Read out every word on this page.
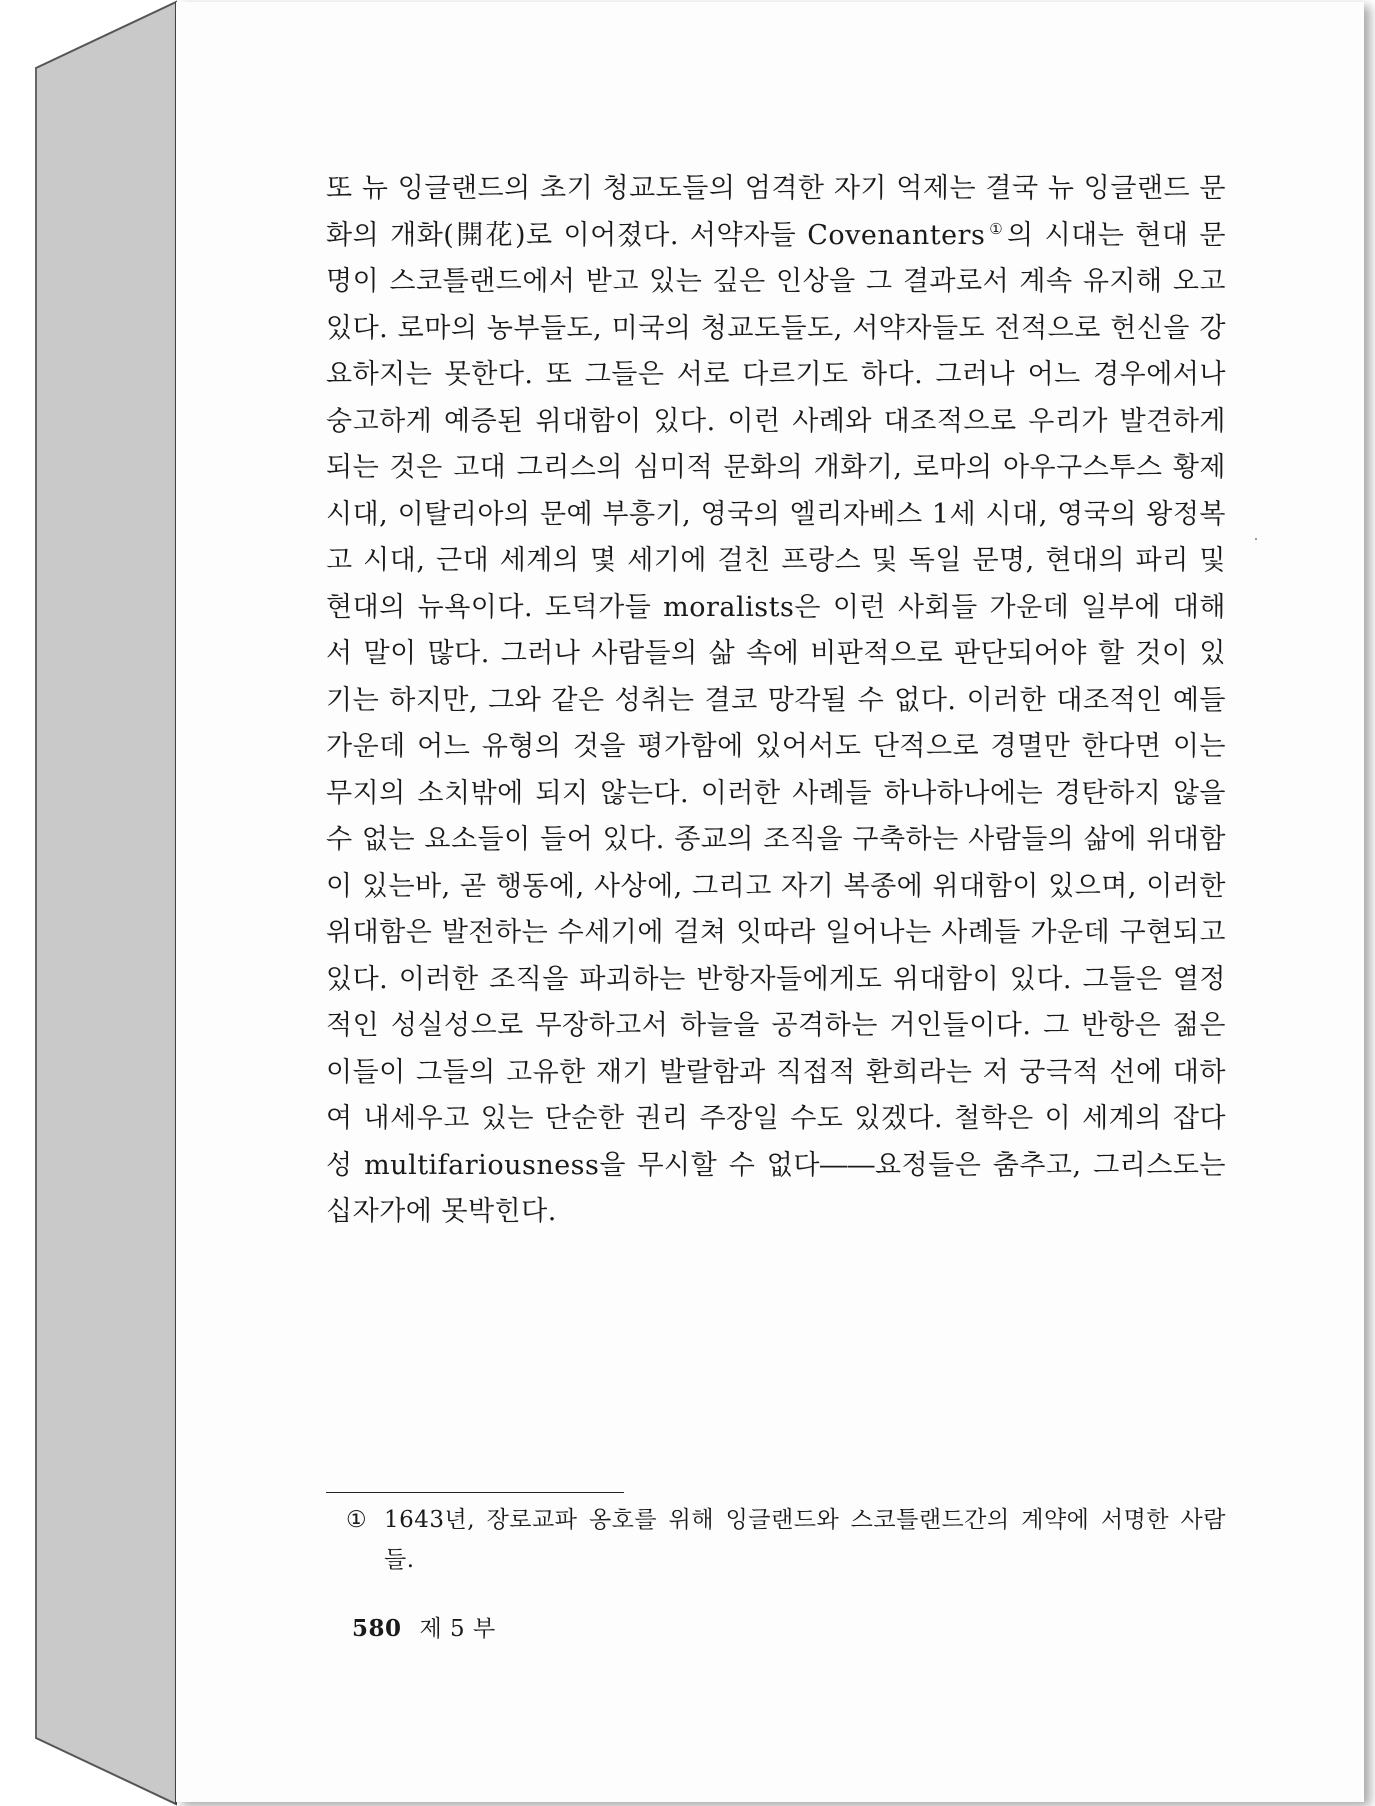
또 뉴 잉글랜드의 초기 청교도들의 엄격한 자기 억제는 결국 뉴 잉글랜드 문화의 개화(開花)로 이어졌다. 서약자들 Covenanters ①의 시대는 현대 문명이 스코틀랜드에서 받고 있는 깊은 인상을 그 결과로서 계속 유지해 오고 있다. 로마의 농부들도, 미국의 청교도들도, 서약자들도 전적으로 헌신을 강요하지는 못한다. 또 그들은 서로 다르기도 하다. 그러나 어느 경우에서나 숭고하게 예증된 위대함이 있다. 이런 사례와 대조적으로 우리가 발견하게 되는 것은 고대 그리스의 심미적 문화의 개화기, 로마의 아우구스투스 황제 시대, 이탈리아의 문예 부흥기, 영국의 엘리자베스 1세 시대, 영국의 왕정복고 시대, 근대 세계의 몇 세기에 걸친 프랑스 및 독일 문명, 현대의 파리 및 현대의 뉴욕이다. 도덕가들 moralists은 이런 사회들 가운데 일부에 대해서 말이 많다. 그러나 사람들의 삶 속에 비판적으로 판단되어야 할 것이 있기는 하지만, 그와 같은 성취는 결코 망각될 수 없다. 이러한 대조적인 예들 가운데 어느 유형의 것을 평가함에 있어서도 단적으로 경멸만 한다면 이는 무지의 소치밖에 되지 않는다. 이러한 사례들 하나하나에는 경탄하지 않을 수 없는 요소들이 들어 있다. 종교의 조직을 구축하는 사람들의 삶에 위대함이 있는바, 곧 행동에, 사상에, 그리고 자기 복종에 위대함이 있으며, 이러한 위대함은 발전하는 수세기에 걸쳐 잇따라 일어나는 사례들 가운데 구현되고 있다. 이러한 조직을 파괴하는 반항자들에게도 위대함이 있다. 그들은 열정적인 성실성으로 무장하고서 하늘을 공격하는 거인들이다. 그 반항은 젊은이들이 그들의 고유한 재기 발랄함과 직접적 환희라는 저 궁극적 선에 대하여 내세우고 있는 단순한 권리 주장일 수도 있겠다. 철학은 이 세계의 잡다성 multifariousness을 무시할 수 없다――요정들은 춤추고, 그리스도는 십자가에 못박힌다.

① 1643년, 장로교파 옹호를 위해 잉글랜드와 스코틀랜드간의 계약에 서명한 사람들.
580 제 5 부
